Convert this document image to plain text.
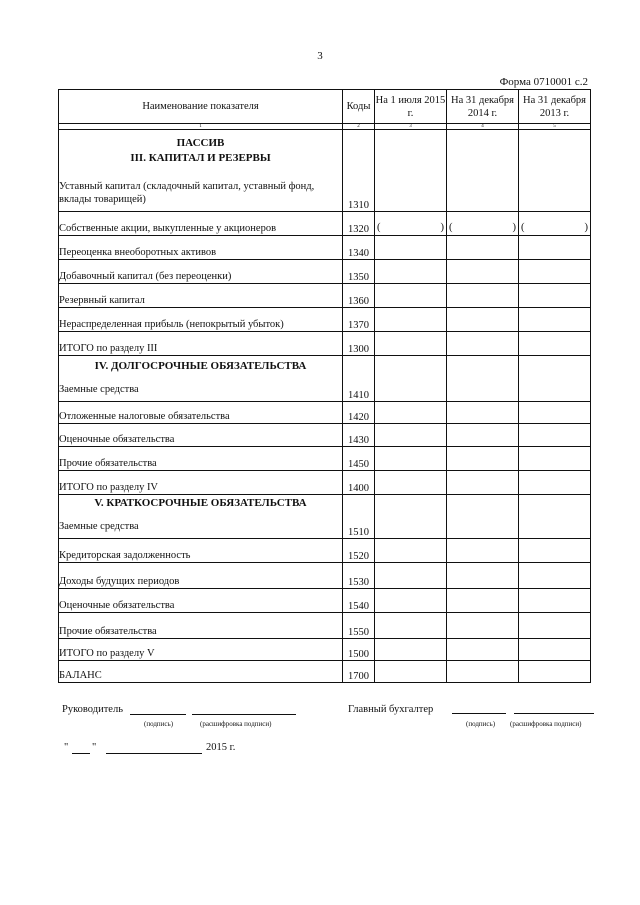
3
Форма 0710001 с.2
Наименование показателя	Коды	На 1 июля 2015 г.	На 31 декабря 2014 г.	На 31 декабря 2013 г.
1	2	3	4	5

ПАССИВ
III. КАПИТАЛ И РЕЗЕРВЫ
Уставный капитал (складочный капитал, уставный фонд, вклады товарищей)	1310			
Собственные акции, выкупленные у акционеров	1320	( )	( )	( )

Переоценка внеоборотных активов	1340			
Добавочный капитал (без переоценки)	1350			
Резервный капитал	1360			
Нераспределенная прибыль (непокрытый убыток)	1370			
ИТОГО по разделу III	1300			

IV. ДОЛГОСРОЧНЫЕ ОБЯЗАТЕЛЬСТВА
Заемные средства	1410			
Отложенные налоговые обязательства	1420			
Оценочные обязательства	1430			
Прочие обязательства	1450			
ИТОГО по разделу IV	1400			

V. КРАТКОСРОЧНЫЕ ОБЯЗАТЕЛЬСТВА
Заемные средства	1510			
Кредиторская задолженность	1520			
Доходы будущих периодов	1530			
Оценочные обязательства	1540			
Прочие обязательства	1550			
ИТОГО по разделу V	1500			
БАЛАНС	1700			
Руководитель
(подпись)	(расшифровка подписи)
Главный бухгалтер
(подпись) (расшифровка подписи)
" "	2015 г.
